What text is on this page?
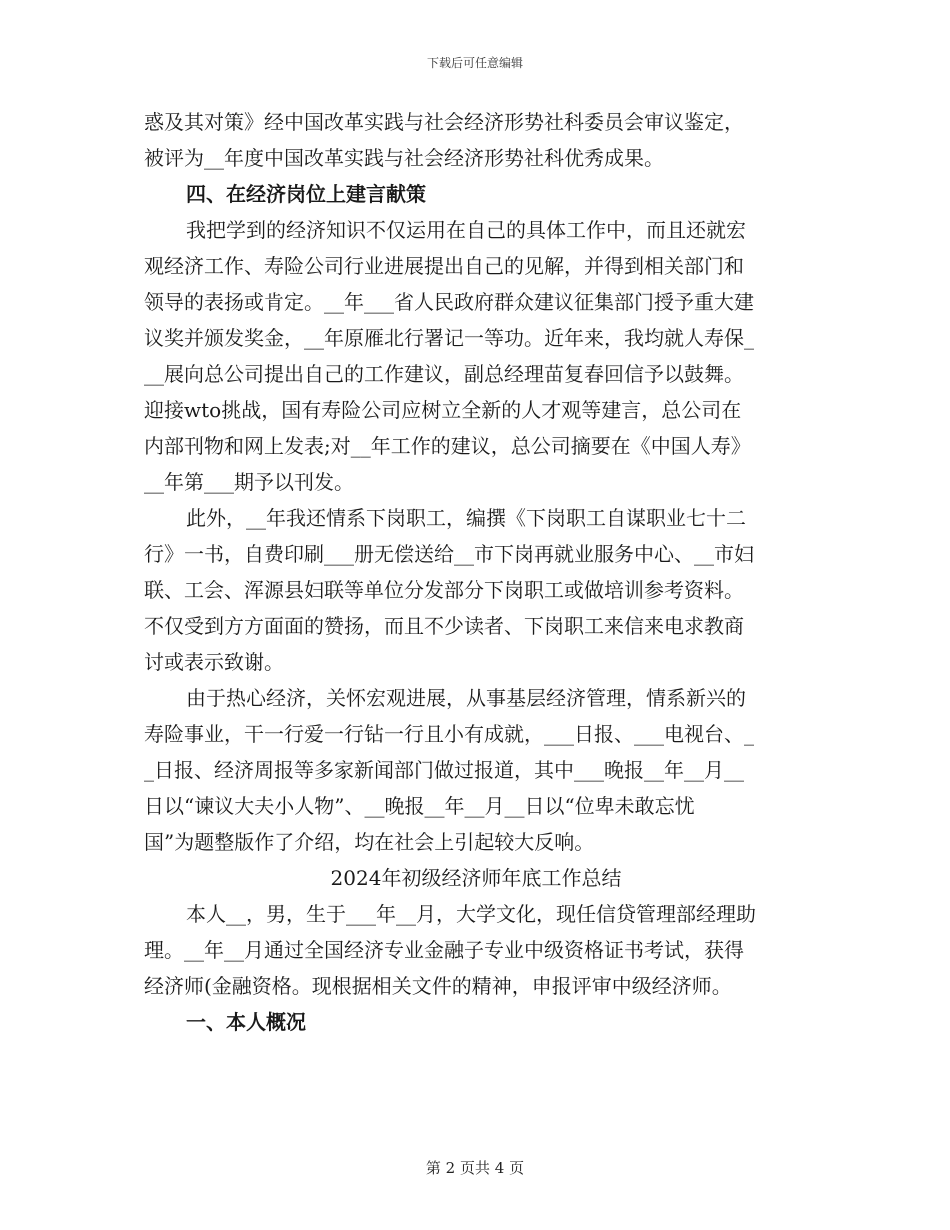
下载后可任意编辑
惑及其对策》经中国改革实践与社会经济形势社科委员会审议鉴定，
被评为__年度中国改革实践与社会经济形势社科优秀成果。
四、在经济岗位上建言献策
我把学到的经济知识不仅运用在自己的具体工作中，而且还就宏
观经济工作、寿险公司行业进展提出自己的见解，并得到相关部门和
领导的表扬或肯定。__年___省人民政府群众建议征集部门授予重大建
议奖并颁发奖金，__年原雁北行署记一等功。近年来，我均就人寿保_
__展向总公司提出自己的工作建议，副总经理苗复春回信予以鼓舞。
迎接wto挑战，国有寿险公司应树立全新的人才观等建言，总公司在
内部刊物和网上发表;对__年工作的建议，总公司摘要在《中国人寿》
__年第___期予以刊发。
此外，__年我还情系下岗职工，编撰《下岗职工自谋职业七十二
行》一书，自费印刷___册无偿送给__市下岗再就业服务中心、__市妇
联、工会、浑源县妇联等单位分发部分下岗职工或做培训参考资料。
不仅受到方方面面的赞扬，而且不少读者、下岗职工来信来电求教商
讨或表示致谢。
由于热心经济，关怀宏观进展，从事基层经济管理，情系新兴的
寿险事业，干一行爱一行钻一行且小有成就，___日报、___电视台、_
_日报、经济周报等多家新闻部门做过报道，其中___晚报__年__月__
日以“谏议大夫小人物”、__晚报__年__月__日以“位卑未敢忘忧
国”为题整版作了介绍，均在社会上引起较大反响。
2024年初级经济师年底工作总结
本人__，男，生于___年__月，大学文化，现任信贷管理部经理助
理。__年__月通过全国经济专业金融子专业中级资格证书考试，获得
经济师(金融资格。现根据相关文件的精神，申报评审中级经济师。
一、本人概况
第 2 页共 4 页
